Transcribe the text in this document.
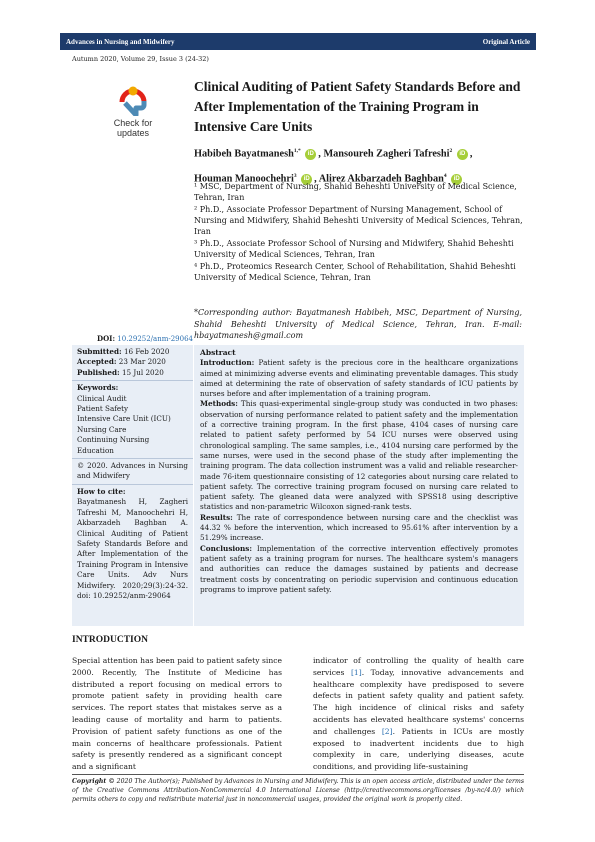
Advances in Nursing and Midwifery	Original Article
Autumn 2020, Volume 29, Issue 3 (24-32)
Check for
updates
Clinical Auditing of Patient Safety Standards Before and After Implementation of the Training Program in Intensive Care Units
Habibeh Bayatmanesh$^{1,*}$ iD , Mansoureh Zagheri Tafreshi$^2$ iD ,
Houman Manoochehri$^3$ iD , Alirez Akbarzadeh Baghban$^4$ iD

¹ MSC, Department of Nursing, Shahid Beheshti University of Medical Science, Tehran, Iran

² Ph.D., Associate Professor Department of Nursing Management, School of Nursing and Midwifery, Shahid Beheshti University of Medical Sciences, Tehran, Iran

³ Ph.D., Associate Professor School of Nursing and Midwifery, Shahid Beheshti University of Medical Sciences, Tehran, Iran

⁴ Ph.D., Proteomics Research Center, School of Rehabilitation, Shahid Beheshti University of Medical Science, Tehran, Iran

*Corresponding author: Bayatmanesh Habibeh, MSC, Department of Nursing, Shahid Beheshti University of Medical Science, Tehran, Iran. E-mail: hbayatmanesh@gmail.com
DOI: 10.29252/anm-29064
Submitted: 16 Feb 2020
Accepted: 23 Mar 2020
Published: 15 Jul 2020
Keywords:
Clinical Audit
Patient Safety
Intensive Care Unit (ICU)
Nursing Care
Continuing Nursing Education
© 2020. Advances in Nursing and Midwifery
How to cite:
Bayatmanesh H, Zagheri Tafreshi M, Manoochehri H, Akbarzadeh Baghban A. Clinical Auditing of Patient Safety Standards Before and After Implementation of the Training Program in Intensive Care Units. Adv Nurs Midwifery. 2020;29(3):24-32. doi: 10.29252/anm-29064
Abstract
Introduction: Patient safety is the precious core in the healthcare organizations aimed at minimizing adverse events and eliminating preventable damages. This study aimed at determining the rate of observation of safety standards of ICU patients by nurses before and after implementation of a training program.
Methods: This quasi-experimental single-group study was conducted in two phases: observation of nursing performance related to patient safety and the implementation of a corrective training program. In the first phase, 4104 cases of nursing care related to patient safety performed by 54 ICU nurses were observed using chronological sampling. The same samples, i.e., 4104 nursing care performed by the same nurses, were used in the second phase of the study after implementing the training program. The data collection instrument was a valid and reliable researcher-made 76-item questionnaire consisting of 12 categories about nursing care related to patient safety. The corrective training program focused on nursing care related to patient safety. The gleaned data were analyzed with SPSS18 using descriptive statistics and non-parametric Wilcoxon signed-rank tests.
Results: The rate of correspondence between nursing care and the checklist was 44.32 % before the intervention, which increased to 95.61% after intervention by a 51.29% increase.
Conclusions: Implementation of the corrective intervention effectively promotes patient safety as a training program for nurses. The healthcare system's managers and authorities can reduce the damages sustained by patients and decrease treatment costs by concentrating on periodic supervision and continuous education programs to improve patient safety.
INTRODUCTION
Special attention has been paid to patient safety since 2000. Recently, The Institute of Medicine has distributed a report focusing on medical errors to promote patient safety in providing health care services. The report states that mistakes serve as a leading cause of mortality and harm to patients. Provision of patient safety functions as one of the main concerns of healthcare professionals. Patient safety is presently rendered as a significant concept and a significant
indicator of controlling the quality of health care services [1]. Today, innovative advancements and healthcare complexity have predisposed to severe defects in patient safety quality and patient safety. The high incidence of clinical risks and safety accidents has elevated healthcare systems' concerns and challenges [2]. Patients in ICUs are mostly exposed to inadvertent incidents due to high complexity in care, underlying diseases, acute conditions, and providing life-sustaining
Copyright © 2020 The Author(s); Published by Advances in Nursing and Midwifery. This is an open access article, distributed under the terms of the Creative Commons Attribution-NonCommercial 4.0 International License (http://creativecommons.org/licenses /by-nc/4.0/) which permits others to copy and redistribute material just in noncommercial usages, provided the original work is properly cited.
